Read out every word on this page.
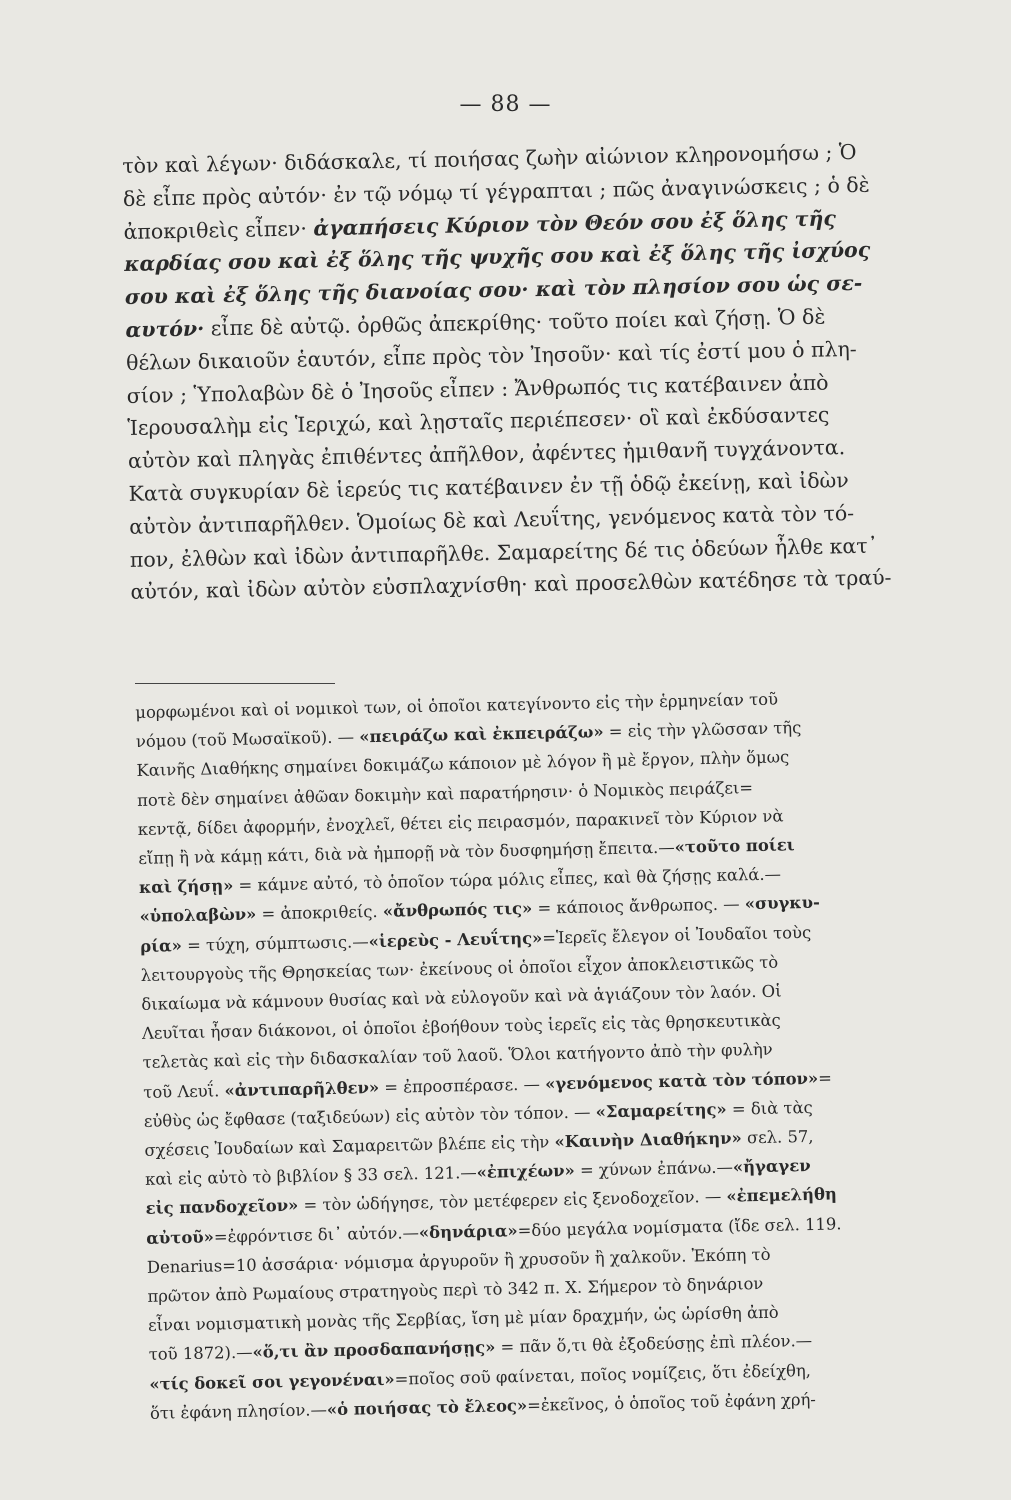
— 88 —
τὸν καὶ λέγων· διδάσκαλε, τί ποιήσας ζωὴν αἰώνιον κληρονομήσω ; Ὁ
δὲ εἶπε πρὸς αὐτόν· ἐν τῷ νόμῳ τί γέγραπται ; πῶς ἀναγινώσκεις ; ὁ δὲ
ἀποκριθεὶς εἶπεν· ἀγαπήσεις Κύριον τὸν Θεόν σου ἐξ ὅλης τῆς
καρδίας σου καὶ ἐξ ὅλης τῆς ψυχῆς σου καὶ ἐξ ὅλης τῆς ἰσχύος
σου καὶ ἐξ ὅλης τῆς διανοίας σου· καὶ τὸν πλησίον σου ὡς σε-
αυτόν· εἶπε δὲ αὐτῷ. ὀρθῶς ἀπεκρίθης· τοῦτο ποίει καὶ ζήσῃ. Ὁ δὲ
θέλων δικαιοῦν ἑαυτόν, εἶπε πρὸς τὸν Ἰησοῦν· καὶ τίς ἐστί μου ὁ πλη-
σίον ; Ὑπολαβὼν δὲ ὁ Ἰησοῦς εἶπεν : Ἄνθρωπός τις κατέβαινεν ἀπὸ
Ἱερουσαλὴμ εἰς Ἱεριχώ, καὶ λῃσταῖς περιέπεσεν· οἳ καὶ ἐκδύσαντες
αὐτὸν καὶ πληγὰς ἐπιθέντες ἀπῆλθον, ἀφέντες ἡμιθανῆ τυγχάνοντα.
Κατὰ συγκυρίαν δὲ ἱερεύς τις κατέβαινεν ἐν τῇ ὁδῷ ἐκείνῃ, καὶ ἰδὼν
αὐτὸν ἀντιπαρῆλθεν. Ὁμοίως δὲ καὶ Λευΐτης, γενόμενος κατὰ τὸν τό-
πον, ἐλθὼν καὶ ἰδὼν ἀντιπαρῆλθε. Σαμαρείτης δέ τις ὁδεύων ἦλθε κατ᾽
αὐτόν, καὶ ἰδὼν αὐτὸν εὐσπλαχνίσθη· καὶ προσελθὼν κατέδησε τὰ τραύ-
μορφωμένοι καὶ οἱ νομικοὶ των, οἱ ὁποῖοι κατεγίνοντο εἰς τὴν ἑρμηνείαν τοῦ
νόμου (τοῦ Μωσαϊκοῦ). — «πειράζω καὶ ἐκπειράζω» = εἰς τὴν γλῶσσαν τῆς
Καινῆς Διαθήκης σημαίνει δοκιμάζω κάποιον μὲ λόγον ἢ μὲ ἔργον, πλὴν ὅμως
ποτὲ δὲν σημαίνει ἀθῶαν δοκιμὴν καὶ παρατήρησιν· ὁ Νομικὸς πειράζει=
κεντᾷ, δίδει ἀφορμήν, ἐνοχλεῖ, θέτει εἰς πειρασμόν, παρακινεῖ τὸν Κύριον νὰ
εἴπῃ ἢ νὰ κάμῃ κάτι, διὰ νὰ ἠμπορῇ νὰ τὸν δυσφημήσῃ ἔπειτα.—«τοῦτο ποίει
καὶ ζήσῃ» = κάμνε αὐτό, τὸ ὁποῖον τώρα μόλις εἶπες, καὶ θὰ ζήσῃς καλά.—
«ὑπολαβὼν» = ἀποκριθείς. «ἄνθρωπός τις» = κάποιος ἄνθρωπος. — «συγκυ-
ρία» = τύχη, σύμπτωσις.—«ἱερεὺς - Λευΐτης»=Ἱερεῖς ἔλεγον οἱ Ἰουδαῖοι τοὺς
λειτουργοὺς τῆς Θρησκείας των· ἐκείνους οἱ ὁποῖοι εἶχον ἀποκλειστικῶς τὸ
δικαίωμα νὰ κάμνουν θυσίας καὶ νὰ εὐλογοῦν καὶ νὰ ἁγιάζουν τὸν λαόν. Οἱ
Λευῖται ἦσαν διάκονοι, οἱ ὁποῖοι ἐβοήθουν τοὺς ἱερεῖς εἰς τὰς θρησκευτικὰς
τελετὰς καὶ εἰς τὴν διδασκαλίαν τοῦ λαοῦ. Ὅλοι κατήγοντο ἀπὸ τὴν φυλὴν
τοῦ Λευΐ. «ἀντιπαρῆλθεν» = ἐπροσπέρασε. — «γενόμενος κατὰ τὸν τόπον»=
εὐθὺς ὡς ἔφθασε (ταξιδεύων) εἰς αὐτὸν τὸν τόπον. — «Σαμαρείτης» = διὰ τὰς
σχέσεις Ἰουδαίων καὶ Σαμαρειτῶν βλέπε εἰς τὴν «Καινὴν Διαθήκην» σελ. 57,
καὶ εἰς αὐτὸ τὸ βιβλίον § 33 σελ. 121.—«ἐπιχέων» = χύνων ἐπάνω.—«ἤγαγεν
εἰς πανδοχεῖον» = τὸν ὡδήγησε, τὸν μετέφερεν εἰς ξενοδοχεῖον. — «ἐπεμελήθη
αὐτοῦ»=ἐφρόντισε δι᾽ αὐτόν.—«δηνάρια»=δύο μεγάλα νομίσματα (ἴδε σελ. 119.
Denarius=10 ἀσσάρια· νόμισμα ἀργυροῦν ἢ χρυσοῦν ἢ χαλκοῦν. Ἐκόπη τὸ
πρῶτον ἀπὸ Ρωμαίους στρατηγοὺς περὶ τὸ 342 π. Χ. Σήμερον τὸ δηνάριον
εἶναι νομισματικὴ μονὰς τῆς Σερβίας, ἴση μὲ μίαν δραχμήν, ὡς ὡρίσθη ἀπὸ
τοῦ 1872).—«ὅ,τι ἂν προσδαπανήσῃς» = πᾶν ὅ,τι θὰ ἐξοδεύσῃς ἐπὶ πλέον.—
«τίς δοκεῖ σοι γεγονέναι»=ποῖος σοῦ φαίνεται, ποῖος νομίζεις, ὅτι ἐδείχθη,
ὅτι ἐφάνη πλησίον.—«ὁ ποιήσας τὸ ἔλεος»=ἐκεῖνος, ὁ ὁποῖος τοῦ ἐφάνη χρή-
